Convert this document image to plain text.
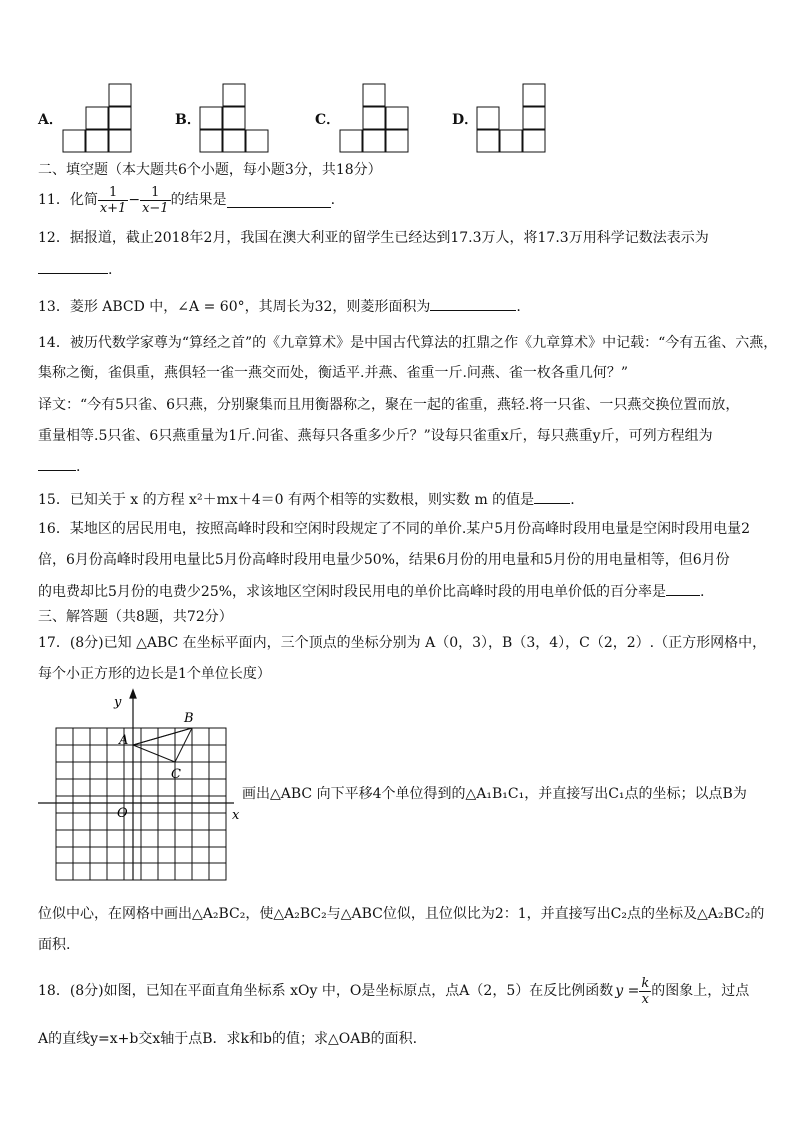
A．	B．	C．	D．
二、填空题（本大题共6个小题，每小题3分，共18分）
11．化简 $\frac{1}{x+1} - \frac{1}{x-1}$ 的结果是	.
12．据报道，截止2018年2月，我国在澳大利亚的留学生已经达到17.3万人，将17.3万用科学记数法表示为
.
13．菱形 ABCD 中，∠A = 60°，其周长为32，则菱形面积为	.
14．被历代数学家尊为“算经之首”的《九章算术》是中国古代算法的扛鼎之作《九章算术》中记载：“今有五雀、六燕，
集称之衡，雀俱重，燕俱轻一雀一燕交而处，衡适平.并燕、雀重一斤.问燕、雀一枚各重几何？”
译文：“今有5只雀、6只燕，分别聚集而且用衡器称之，聚在一起的雀重，燕轻.将一只雀、一只燕交换位置而放，
重量相等.5只雀、6只燕重量为1斤.问雀、燕每只各重多少斤？”设每只雀重x斤，每只燕重y斤，可列方程组为
.
15．已知关于 x 的方程 x²＋mx＋4＝0 有两个相等的实数根，则实数 m 的值是	.
16．某地区的居民用电，按照高峰时段和空闲时段规定了不同的单价.某户5月份高峰时段用电量是空闲时段用电量2
倍，6月份高峰时段用电量比5月份高峰时段用电量少50%，结果6月份的用电量和5月份的用电量相等，但6月份
的电费却比5月份的电费少25%，求该地区空闲时段民用电的单价比高峰时段的用电单价低的百分率是 .
三、解答题（共8题，共72分）
17．(8分)已知 △ABC 在坐标平面内，三个顶点的坐标分别为 A（0，3），B（3，4），C（2，2）.（正方形网格中，
每个小正方形的边长是1个单位长度）
y
x
O
A
B
C
画出△ABC 向下平移4个单位得到的△A₁B₁C₁，并直接写出C₁点的坐标；以点B为
位似中心，在网格中画出△A₂BC₂，使△A₂BC₂与△ABC位似，且位似比为2：1，并直接写出C₂点的坐标及△A₂BC₂的
面积.
18．(8分)如图，已知在平面直角坐标系 xOy 中，O是坐标原点，点A（2，5）在反比例函数 $y = \frac{k}{x}$ 的图象上，过点
A的直线y=x+b交x轴于点B．求k和b的值；求△OAB的面积.
